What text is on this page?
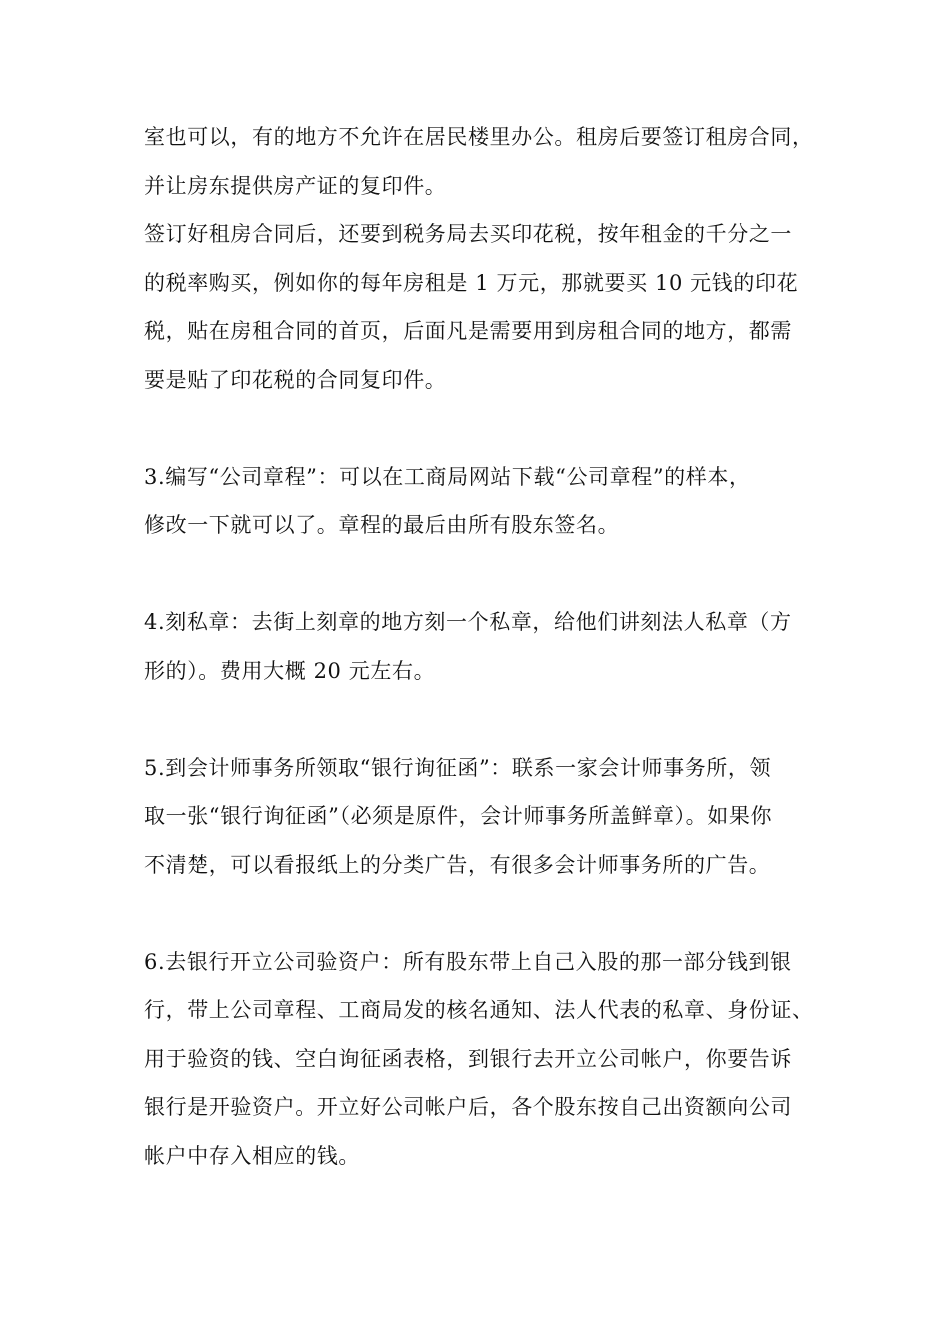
室也可以，有的地方不允许在居民楼里办公。租房后要签订租房合同，
并让房东提供房产证的复印件。
签订好租房合同后，还要到税务局去买印花税，按年租金的千分之一
的税率购买，例如你的每年房租是 1 万元，那就要买 10 元钱的印花
税，贴在房租合同的首页，后面凡是需要用到房租合同的地方，都需
要是贴了印花税的合同复印件。
3.编写“公司章程”：可以在工商局网站下载“公司章程”的样本，
修改一下就可以了。章程的最后由所有股东签名。
4.刻私章：去街上刻章的地方刻一个私章，给他们讲刻法人私章（方
形的）。费用大概 20 元左右。
5.到会计师事务所领取“银行询征函”：联系一家会计师事务所，领
取一张“银行询征函”（必须是原件，会计师事务所盖鲜章）。如果你
不清楚，可以看报纸上的分类广告，有很多会计师事务所的广告。
6.去银行开立公司验资户：所有股东带上自己入股的那一部分钱到银
行，带上公司章程、工商局发的核名通知、法人代表的私章、身份证、
用于验资的钱、空白询征函表格，到银行去开立公司帐户，你要告诉
银行是开验资户。开立好公司帐户后，各个股东按自己出资额向公司
帐户中存入相应的钱。
